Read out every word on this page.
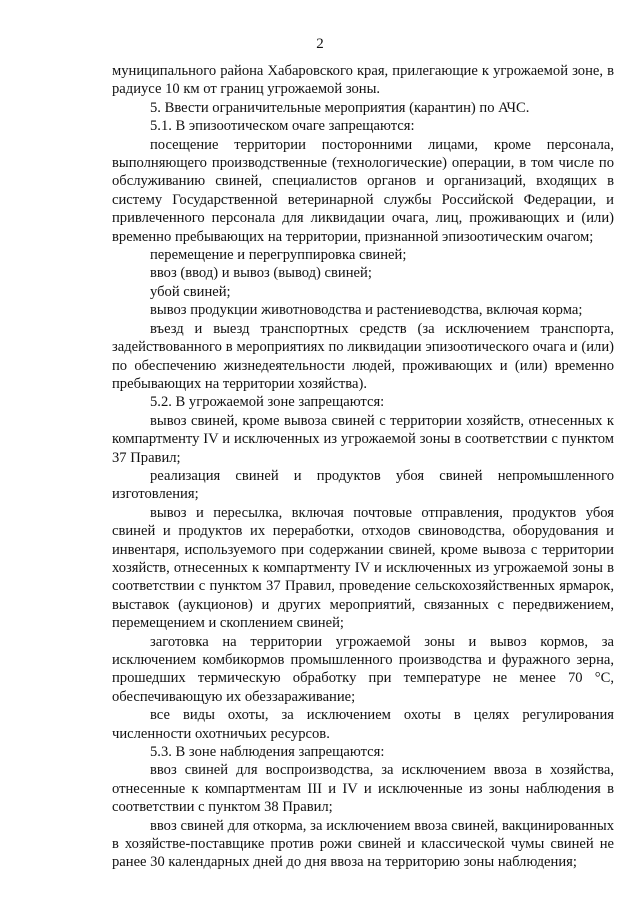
2

муниципального района Хабаровского края, прилегающие к угрожаемой зоне, в радиусе 10 км от границ угрожаемой зоны.

5. Ввести ограничительные мероприятия (карантин) по АЧС.

5.1. В эпизоотическом очаге запрещаются:

посещение территории посторонними лицами, кроме персонала, выполняющего производственные (технологические) операции, в том числе по обслуживанию свиней, специалистов органов и организаций, входящих в систему Государственной ветеринарной службы Российской Федерации, и привлеченного персонала для ликвидации очага, лиц, проживающих и (или) временно пребывающих на территории, признанной эпизоотическим очагом;

перемещение и перегруппировка свиней;

ввоз (ввод) и вывоз (вывод) свиней;

убой свиней;

вывоз продукции животноводства и растениеводства, включая корма;

въезд и выезд транспортных средств (за исключением транспорта, задействованного в мероприятиях по ликвидации эпизоотического очага и (или) по обеспечению жизнедеятельности людей, проживающих и (или) временно пребывающих на территории хозяйства).

5.2. В угрожаемой зоне запрещаются:

вывоз свиней, кроме вывоза свиней с территории хозяйств, отнесенных к компартменту IV и исключенных из угрожаемой зоны в соответствии с пунктом 37 Правил;

реализация свиней и продуктов убоя свиней непромышленного изготовления;

вывоз и пересылка, включая почтовые отправления, продуктов убоя свиней и продуктов их переработки, отходов свиноводства, оборудования и инвентаря, используемого при содержании свиней, кроме вывоза с территории хозяйств, отнесенных к компартменту IV и исключенных из угрожаемой зоны в соответствии с пунктом 37 Правил, проведение сельскохозяйственных ярмарок, выставок (аукционов) и других мероприятий, связанных с передвижением, перемещением и скоплением свиней;

заготовка на территории угрожаемой зоны и вывоз кормов, за исключением комбикормов промышленного производства и фуражного зерна, прошедших термическую обработку при температуре не менее 70 °С, обеспечивающую их обеззараживание;

все виды охоты, за исключением охоты в целях регулирования численности охотничьих ресурсов.

5.3. В зоне наблюдения запрещаются:

ввоз свиней для воспроизводства, за исключением ввоза в хозяйства, отнесенные к компартментам III и IV и исключенные из зоны наблюдения в соответствии с пунктом 38 Правил;

ввоз свиней для откорма, за исключением ввоза свиней, вакцинированных в хозяйстве-поставщике против рожи свиней и классической чумы свиней не ранее 30 календарных дней до дня ввоза на территорию зоны наблюдения;
